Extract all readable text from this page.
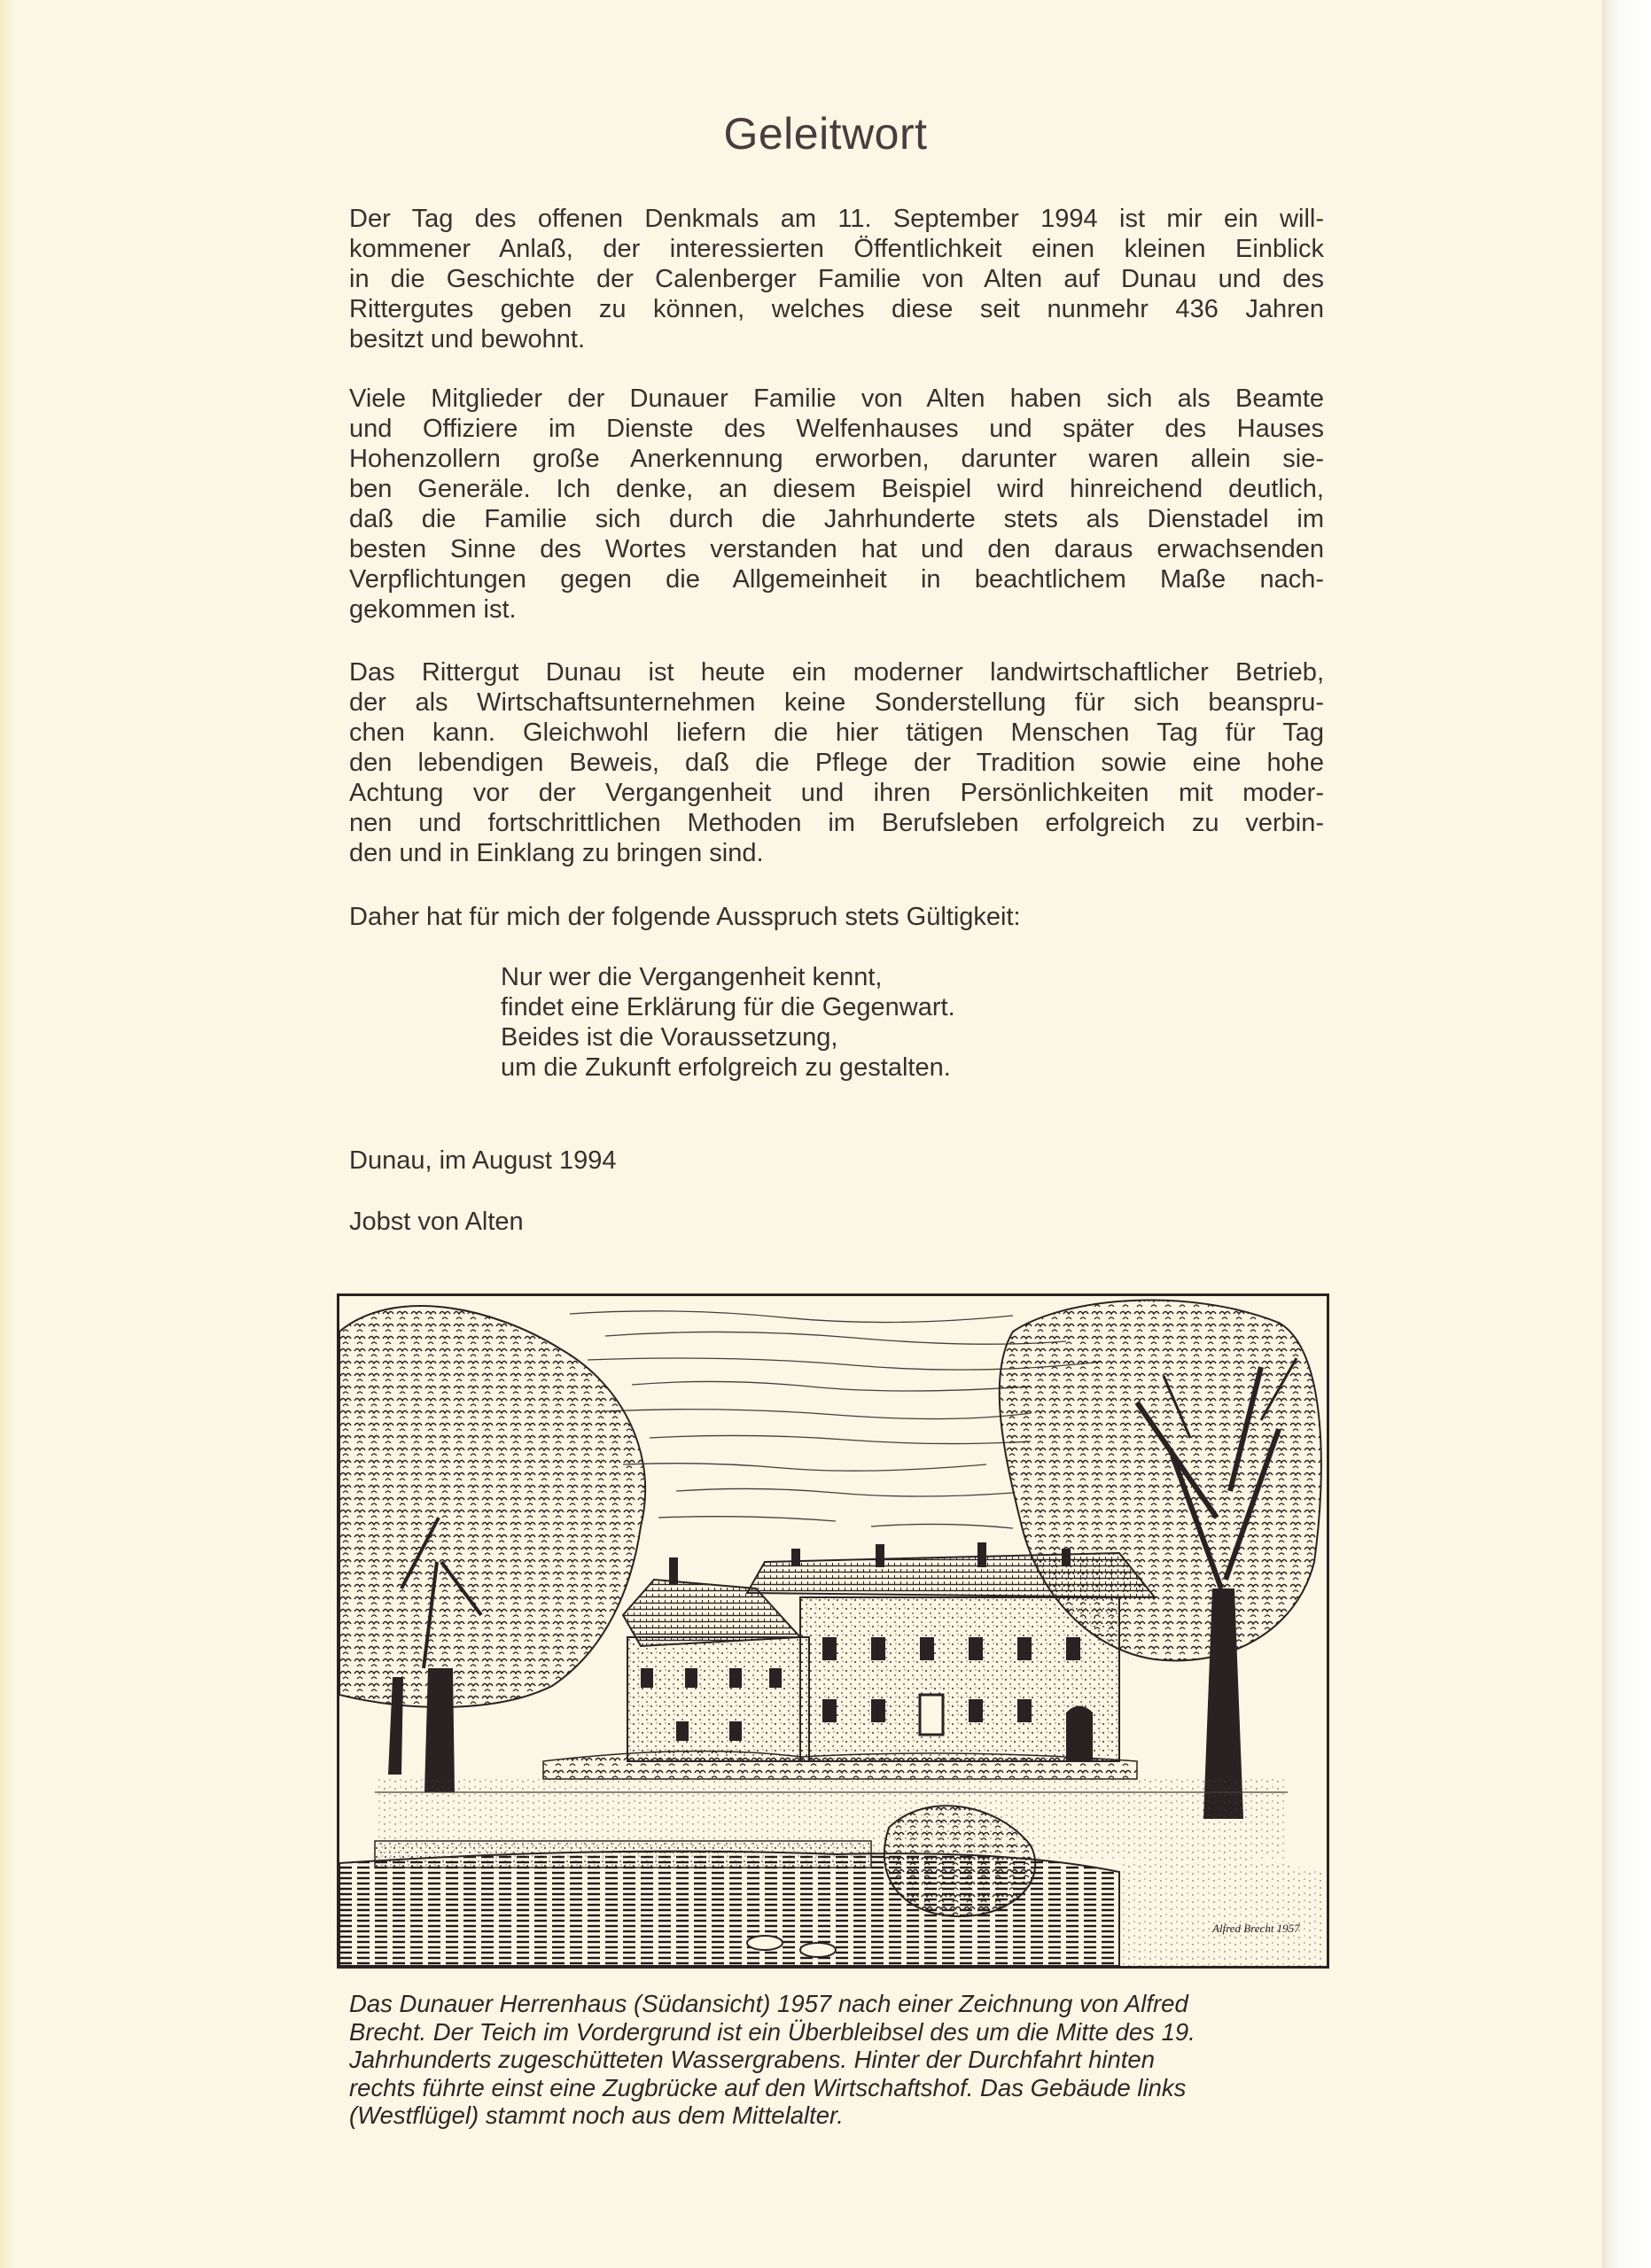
Geleitwort
Der Tag des offenen Denkmals am 11. September 1994 ist mir ein will-
kommener Anlaß, der interessierten Öffentlichkeit einen kleinen Einblick
in die Geschichte der Calenberger Familie von Alten auf Dunau und des
Rittergutes geben zu können, welches diese seit nunmehr 436 Jahren
besitzt und bewohnt.
Viele Mitglieder der Dunauer Familie von Alten haben sich als Beamte
und Offiziere im Dienste des Welfenhauses und später des Hauses
Hohenzollern große Anerkennung erworben, darunter waren allein sie-
ben Generäle. Ich denke, an diesem Beispiel wird hinreichend deutlich,
daß die Familie sich durch die Jahrhunderte stets als Dienstadel im
besten Sinne des Wortes verstanden hat und den daraus erwachsenden
Verpflichtungen gegen die Allgemeinheit in beachtlichem Maße nach-
gekommen ist.
Das Rittergut Dunau ist heute ein moderner landwirtschaftlicher Betrieb,
der als Wirtschaftsunternehmen keine Sonderstellung für sich beanspru-
chen kann. Gleichwohl liefern die hier tätigen Menschen Tag für Tag
den lebendigen Beweis, daß die Pflege der Tradition sowie eine hohe
Achtung vor der Vergangenheit und ihren Persönlichkeiten mit moder-
nen und fortschrittlichen Methoden im Berufsleben erfolgreich zu verbin-
den und in Einklang zu bringen sind.
Daher hat für mich der folgende Ausspruch stets Gültigkeit:
Nur wer die Vergangenheit kennt,
findet eine Erklärung für die Gegenwart.
Beides ist die Voraussetzung,
um die Zukunft erfolgreich zu gestalten.

Dunau, im August 1994

Jobst von Alten

Alfred Brecht 1957
Das Dunauer Herrenhaus (Südansicht) 1957 nach einer Zeichnung von Alfred
Brecht. Der Teich im Vordergrund ist ein Überbleibsel des um die Mitte des 19.
Jahrhunderts zugeschütteten Wassergrabens. Hinter der Durchfahrt hinten
rechts führte einst eine Zugbrücke auf den Wirtschaftshof. Das Gebäude links
(Westflügel) stammt noch aus dem Mittelalter.
